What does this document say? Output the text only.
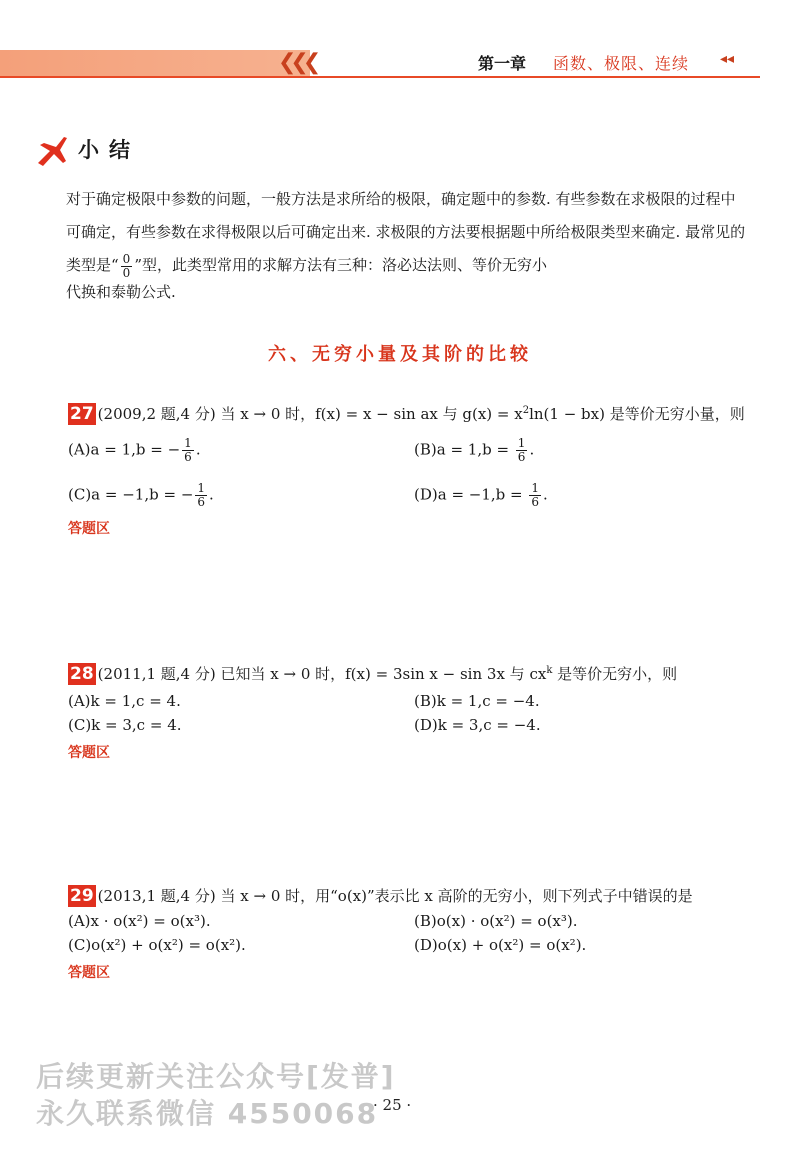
❮❮❮	第一章 函数、极限、连续 ◂◂
小结
对于确定极限中参数的问题，一般方法是求所给的极限，确定题中的参数. 有些参数在求极限的过程中可确定，有些参数在求得极限以后可确定出来. 求极限的方法要根据题中所给极限类型来确定. 最常见的类型是“ $\frac{0}{0}$ ”型，此类型常用的求解方法有三种：洛必达法则、等价无穷小
代换和泰勒公式.
六、无穷小量及其阶的比较
27 (2009,2 题,4 分) 当 x → 0 时，f(x) = x − sin ax 与 $g(x) = x^2\ln(1 - bx)$ 是等价无穷小量，则
(A)a = 1,b = − $\frac{1}{6}$ .	$(B)a = 1,b = \frac{1}{6}$ .
(C)a = −1,b = − $\frac{1}{6}$ .	$(D)a = -1,b = \frac{1}{6}$ .
答题区
28 (2011,1 题,4 分) 已知当 x → 0 时，f(x) = 3sin x − sin 3x 与 $cx^k$ 是等价无穷小，则
(A)k = 1,c = 4.	(B)k = 1,c = −4.
(C)k = 3,c = 4.	(D)k = 3,c = −4.
答题区
29 (2013,1 题,4 分) 当 x → 0 时，用“o(x)”表示比 x 高阶的无穷小，则下列式子中错误的是
(A)x · o(x²) = o(x³).	(B)o(x) · o(x²) = o(x³).
(C)o(x²) + o(x²) = o(x²).	(D)o(x) + o(x²) = o(x²).
答题区
后续更新关注公众号[发普]
永久联系微信 4550068
· 25 ·
